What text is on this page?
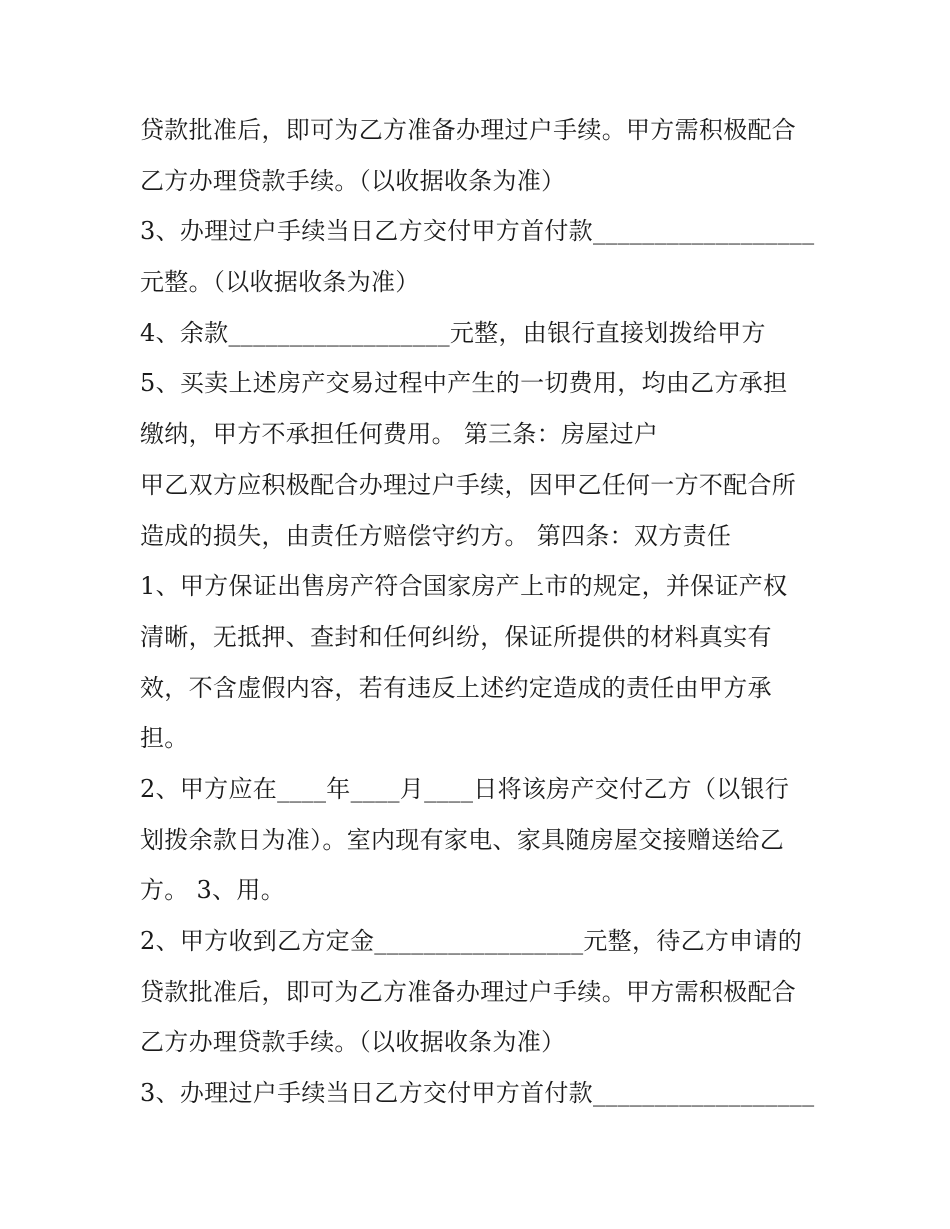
贷款批准后，即可为乙方准备办理过户手续。甲方需积极配合
乙方办理贷款手续。（以收据收条为准）
3、办理过户手续当日乙方交付甲方首付款__________________
元整。（以收据收条为准）
4、余款__________________元整，由银行直接划拨给甲方
5、买卖上述房产交易过程中产生的一切费用，均由乙方承担
缴纳，甲方不承担任何费用。 第三条：房屋过户
甲乙双方应积极配合办理过户手续，因甲乙任何一方不配合所
造成的损失，由责任方赔偿守约方。 第四条：双方责任
1、甲方保证出售房产符合国家房产上市的规定，并保证产权
清晰，无抵押、查封和任何纠纷，保证所提供的材料真实有
效，不含虚假内容，若有违反上述约定造成的责任由甲方承
担。
2、甲方应在____年____月____日将该房产交付乙方（以银行
划拨余款日为准）。室内现有家电、家具随房屋交接赠送给乙
方。 3、用。
2、甲方收到乙方定金_________________元整，待乙方申请的
贷款批准后，即可为乙方准备办理过户手续。甲方需积极配合
乙方办理贷款手续。（以收据收条为准）
3、办理过户手续当日乙方交付甲方首付款__________________
